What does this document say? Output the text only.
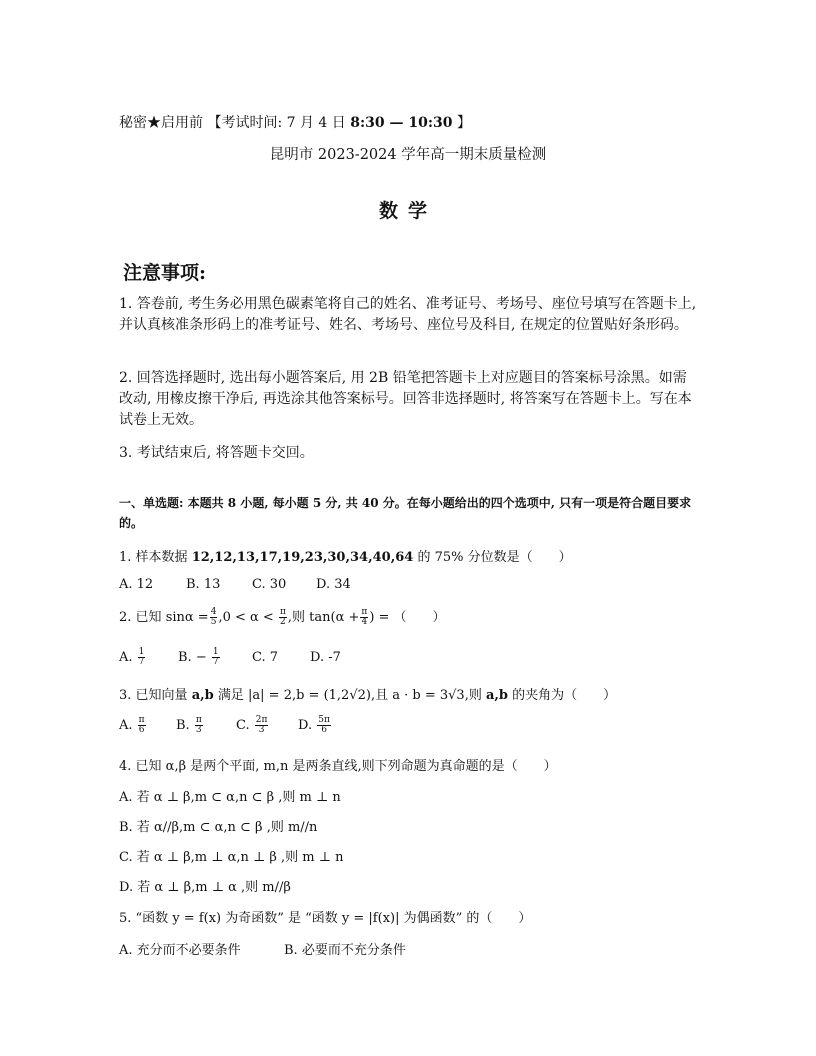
秘密★启用前 【考试时间: 7 月 4 日 8:30 — 10:30 】
昆明市 2023-2024 学年高一期末质量检测
数学
注意事项:
1. 答卷前, 考生务必用黑色碳素笔将自己的姓名、准考证号、考场号、座位号填写在答题卡上, 并认真核准条形码上的准考证号、姓名、考场号、座位号及科目, 在规定的位置贴好条形码。
2. 回答选择题时, 选出每小题答案后, 用 2B 铅笔把答题卡上对应题目的答案标号涂黑。如需改动, 用橡皮擦干净后, 再选涂其他答案标号。回答非选择题时, 将答案写在答题卡上。写在本试卷上无效。
3. 考试结束后, 将答题卡交回。
一、单选题: 本题共 8 小题, 每小题 5 分, 共 40 分。在每小题给出的四个选项中, 只有一项是符合题目要求的。
1. 样本数据 12,12,13,17,19,23,30,34,40,64 的 75% 分位数是（　　）
A. 12	B. 13 C. 30 D. 34
2. 已知 $\sin\alpha = \frac{4}{5} ,0 < \alpha < \frac{\pi}{2}$ ,则 $\tan(\alpha + \frac{\pi}{4}$ ) = （　　）
A. $\frac{1}{7}$	B. − $\frac{1}{7} C$. 7 D. -7
3. 已知向量 a,b 满足 |a| = 2,b = (1,2√2),且 a · b = 3√3,则 a,b 的夹角为（　　）
A. $\frac{\pi}{6} B$. $\frac{\pi}{3}$	C. $\frac{2\pi}{3} D$. $\frac{5\pi}{6}$
4. 已知 α,β 是两个平面, m,n 是两条直线,则下列命题为真命题的是（　　）
A. 若 α ⊥ β,m ⊂ α,n ⊂ β ,则 m ⊥ n
B. 若 α//β,m ⊂ α,n ⊂ β ,则 m//n
C. 若 α ⊥ β,m ⊥ α,n ⊥ β ,则 m ⊥ n
D. 若 α ⊥ β,m ⊥ α ,则 m//β
5. “函数 y = f(x) 为奇函数” 是 “函数 y = |f(x)| 为偶函数” 的（　　）
A. 充分而不必要条件	B. 必要而不充分条件
